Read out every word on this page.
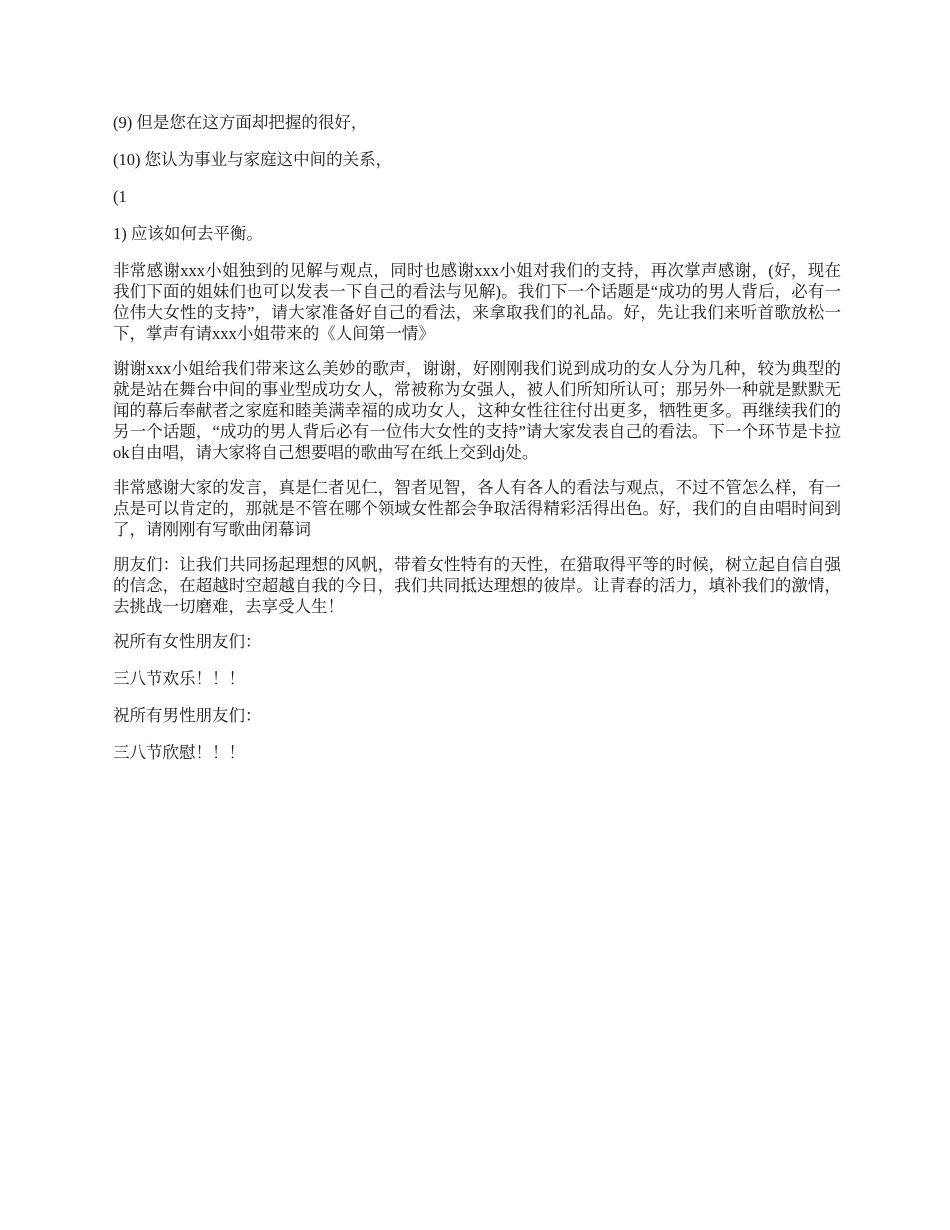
(9) 但是您在这方面却把握的很好，

(10) 您认为事业与家庭这中间的关系，

(1

1) 应该如何去平衡。

非常感谢xxx小姐独到的见解与观点，同时也感谢xxx小姐对我们的支持，再次掌声感谢，(好，现在我们下面的姐妹们也可以发表一下自己的看法与见解)。我们下一个话题是“成功的男人背后，必有一位伟大女性的支持”，请大家准备好自己的看法，来拿取我们的礼品。好，先让我们来听首歌放松一下，掌声有请xxx小姐带来的《人间第一情》

谢谢xxx小姐给我们带来这么美妙的歌声，谢谢，好刚刚我们说到成功的女人分为几种，较为典型的就是站在舞台中间的事业型成功女人，常被称为女强人，被人们所知所认可；那另外一种就是默默无闻的幕后奉献者之家庭和睦美满幸福的成功女人，这种女性往往付出更多，牺牲更多。再继续我们的另一个话题，“成功的男人背后必有一位伟大女性的支持”请大家发表自己的看法。下一个环节是卡拉ok自由唱，请大家将自己想要唱的歌曲写在纸上交到dj处。

非常感谢大家的发言，真是仁者见仁，智者见智，各人有各人的看法与观点，不过不管怎么样，有一点是可以肯定的，那就是不管在哪个领域女性都会争取活得精彩活得出色。好，我们的自由唱时间到了，请刚刚有写歌曲闭幕词

朋友们：让我们共同扬起理想的风帆，带着女性特有的天性，在猎取得平等的时候，树立起自信自强的信念，在超越时空超越自我的今日，我们共同抵达理想的彼岸。让青春的活力，填补我们的激情，去挑战一切磨难，去享受人生！

祝所有女性朋友们：

三八节欢乐！！！

祝所有男性朋友们：

三八节欣慰！！！
